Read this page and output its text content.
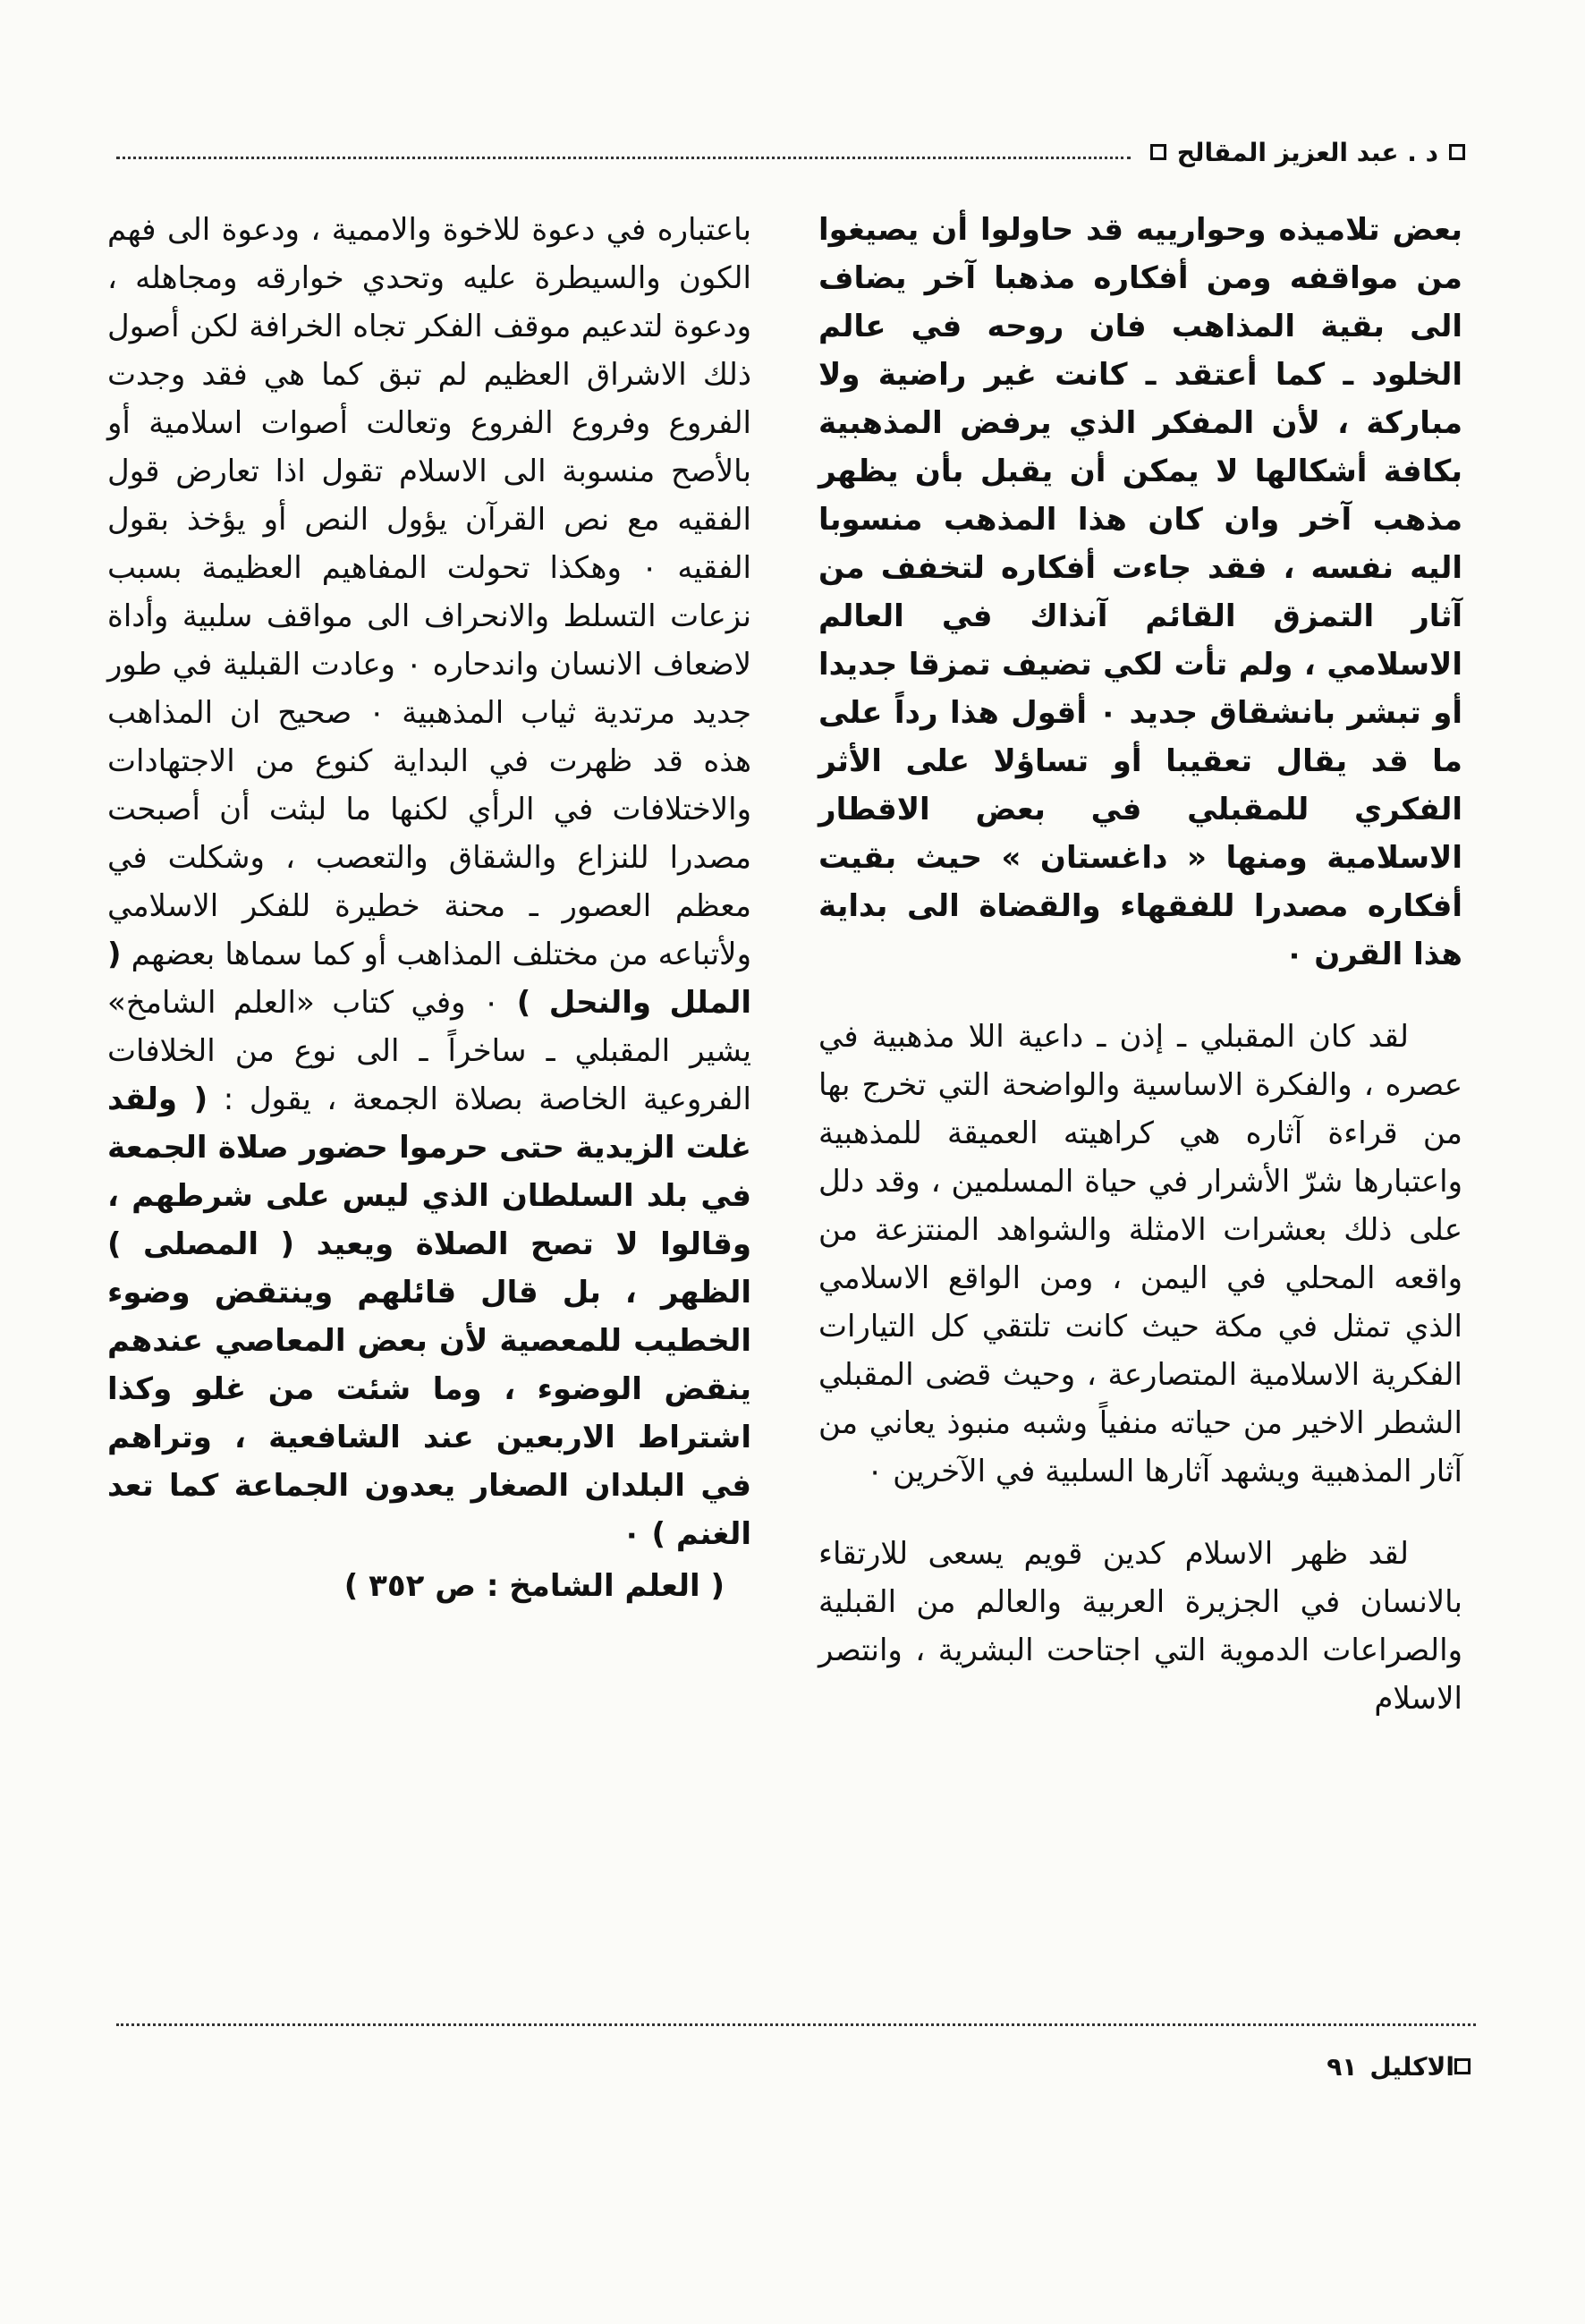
د . عبد العزيز المقالح

بعض تلاميذه وحوارييه قد حاولوا أن يصيغوا من مواقفه ومن أفكاره مذهبا آخر يضاف الى بقية المذاهب فان روحه في عالم الخلود ـ كما أعتقد ـ كانت غير راضية ولا مباركة ، لأن المفكر الذي يرفض المذهبية بكافة أشكالها لا يمكن أن يقبل بأن يظهر مذهب آخر وان كان هذا المذهب منسوبا اليه نفسه ، فقد جاءت أفكاره لتخفف من آثار التمزق القائم آنذاك في العالم الاسلامي ، ولم تأت لكي تضيف تمزقا جديدا أو تبشر بانشقاق جديد ٠ أقول هذا رداً على ما قد يقال تعقيبا أو تساؤلا على الأثر الفكري للمقبلي في بعض الاقطار الاسلامية ومنها « داغستان » حيث بقيت أفكاره مصدرا للفقهاء والقضاة الى بداية هذا القرن ٠

لقد كان المقبلي ـ إذن ـ داعية اللا مذهبية في عصره ، والفكرة الاساسية والواضحة التي تخرج بها من قراءة آثاره هي كراهيته العميقة للمذهبية واعتبارها شرّ الأشرار في حياة المسلمين ، وقد دلل على ذلك بعشرات الامثلة والشواهد المنتزعة من واقعه المحلي في اليمن ، ومن الواقع الاسلامي الذي تمثل في مكة حيث كانت تلتقي كل التيارات الفكرية الاسلامية المتصارعة ، وحيث قضى المقبلي الشطر الاخير من حياته منفياً وشبه منبوذ يعاني من آثار المذهبية ويشهد آثارها السلبية في الآخرين ٠

لقد ظهر الاسلام كدين قويم يسعى للارتقاء بالانسان في الجزيرة العربية والعالم من القبلية والصراعات الدموية التي اجتاحت البشرية ، وانتصر الاسلام

باعتباره في دعوة للاخوة والاممية ، ودعوة الى فهم الكون والسيطرة عليه وتحدي خوارقه ومجاهله ، ودعوة لتدعيم موقف الفكر تجاه الخرافة لكن أصول ذلك الاشراق العظيم لم تبق كما هي فقد وجدت الفروع وفروع الفروع وتعالت أصوات اسلامية أو بالأصح منسوبة الى الاسلام تقول اذا تعارض قول الفقيه مع نص القرآن يؤول النص أو يؤخذ بقول الفقيه ٠ وهكذا تحولت المفاهيم العظيمة بسبب نزعات التسلط والانحراف الى مواقف سلبية وأداة لاضعاف الانسان واندحاره ٠ وعادت القبلية في طور جديد مرتدية ثياب المذهبية ٠ صحيح ان المذاهب هذه قد ظهرت في البداية كنوع من الاجتهادات والاختلافات في الرأي لكنها ما لبثت أن أصبحت مصدرا للنزاع والشقاق والتعصب ، وشكلت في معظم العصور ـ محنة خطيرة للفكر الاسلامي ولأتباعه من مختلف المذاهب أو كما سماها بعضهم ( الملل والنحل ) ٠ وفي كتاب «العلم الشامخ» يشير المقبلي ـ ساخراً ـ الى نوع من الخلافات الفروعية الخاصة بصلاة الجمعة ، يقول : ( ولقد غلت الزيدية حتى حرموا حضور صلاة الجمعة في بلد السلطان الذي ليس على شرطهم ، وقالوا لا تصح الصلاة ويعيد ( المصلى ) الظهر ، بل قال قائلهم وينتقض وضوء الخطيب للمعصية لأن بعض المعاصي عندهم ينقض الوضوء ، وما شئت من غلو وكذا اشتراط الاربعين عند الشافعية ، وتراهم في البلدان الصغار يعدون الجماعة كما تعد الغنم ) ٠

( العلم الشامخ : ص ٣٥٢ )
الاكليل
٩١
